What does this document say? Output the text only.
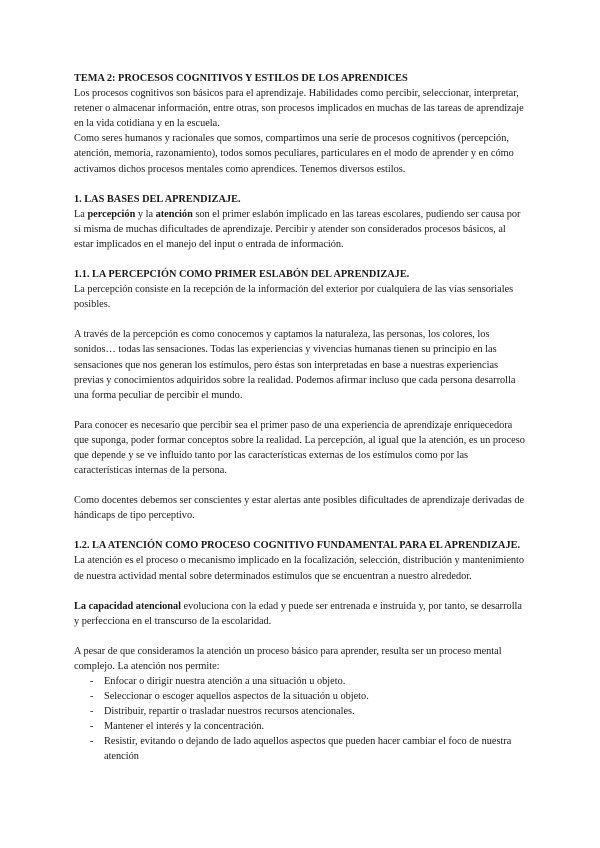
TEMA 2: PROCESOS COGNITIVOS Y ESTILOS DE LOS APRENDICES

Los procesos cognitivos son básicos para el aprendizaje. Habilidades como percibir, seleccionar, interpretar, retener o almacenar información, entre otras, son procesos implicados en muchas de las tareas de aprendizaje en la vida cotidiana y en la escuela.

Como seres humanos y racionales que somos, compartimos una serie de procesos cognitivos (percepción, atención, memoria, razonamiento), todos somos peculiares, particulares en el modo de aprender y en cómo activamos dichos procesos mentales como aprendices. Tenemos diversos estilos.

1. LAS BASES DEL APRENDIZAJE.

La percepción y la atención son el primer eslabón implicado en las tareas escolares, pudiendo ser causa por sí misma de muchas dificultades de aprendizaje. Percibir y atender son considerados procesos básicos, al estar implicados en el manejo del input o entrada de información.

1.1. LA PERCEPCIÓN COMO PRIMER ESLABÓN DEL APRENDIZAJE.

La percepción consiste en la recepción de la información del exterior por cualquiera de las vías sensoriales posibles.

A través de la percepción es como conocemos y captamos la naturaleza, las personas, los colores, los sonidos… todas las sensaciones. Todas las experiencias y vivencias humanas tienen su principio en las sensaciones que nos generan los estímulos, pero éstas son interpretadas en base a nuestras experiencias previas y conocimientos adquiridos sobre la realidad. Podemos afirmar incluso que cada persona desarrolla una forma peculiar de percibir el mundo.

Para conocer es necesario que percibir sea el primer paso de una experiencia de aprendizaje enriquecedora que suponga, poder formar conceptos sobre la realidad. La percepción, al igual que la atención, es un proceso que depende y se ve influido tanto por las características externas de los estímulos como por las características internas de la persona.

Como docentes debemos ser conscientes y estar alertas ante posibles dificultades de aprendizaje derivadas de hándicaps de tipo perceptivo.

1.2. LA ATENCIÓN COMO PROCESO COGNITIVO FUNDAMENTAL PARA EL APRENDIZAJE.

La atención es el proceso o mecanismo implicado en la focalización, selección, distribución y mantenimiento de nuestra actividad mental sobre determinados estímulos que se encuentran a nuestro alrededor.

La capacidad atencional evoluciona con la edad y puede ser entrenada e instruida y, por tanto, se desarrolla y perfecciona en el transcurso de la escolaridad.

A pesar de que consideramos la atención un proceso básico para aprender, resulta ser un proceso mental complejo. La atención nos permite:

- Enfocar o dirigir nuestra atención a una situación u objeto.
- Seleccionar o escoger aquellos aspectos de la situación u objeto.
- Distribuir, repartir o trasladar nuestros recursos atencionales.
- Mantener el interés y la concentración.
- Resistir, evitando o dejando de lado aquellos aspectos que pueden hacer cambiar el foco de nuestra atención
